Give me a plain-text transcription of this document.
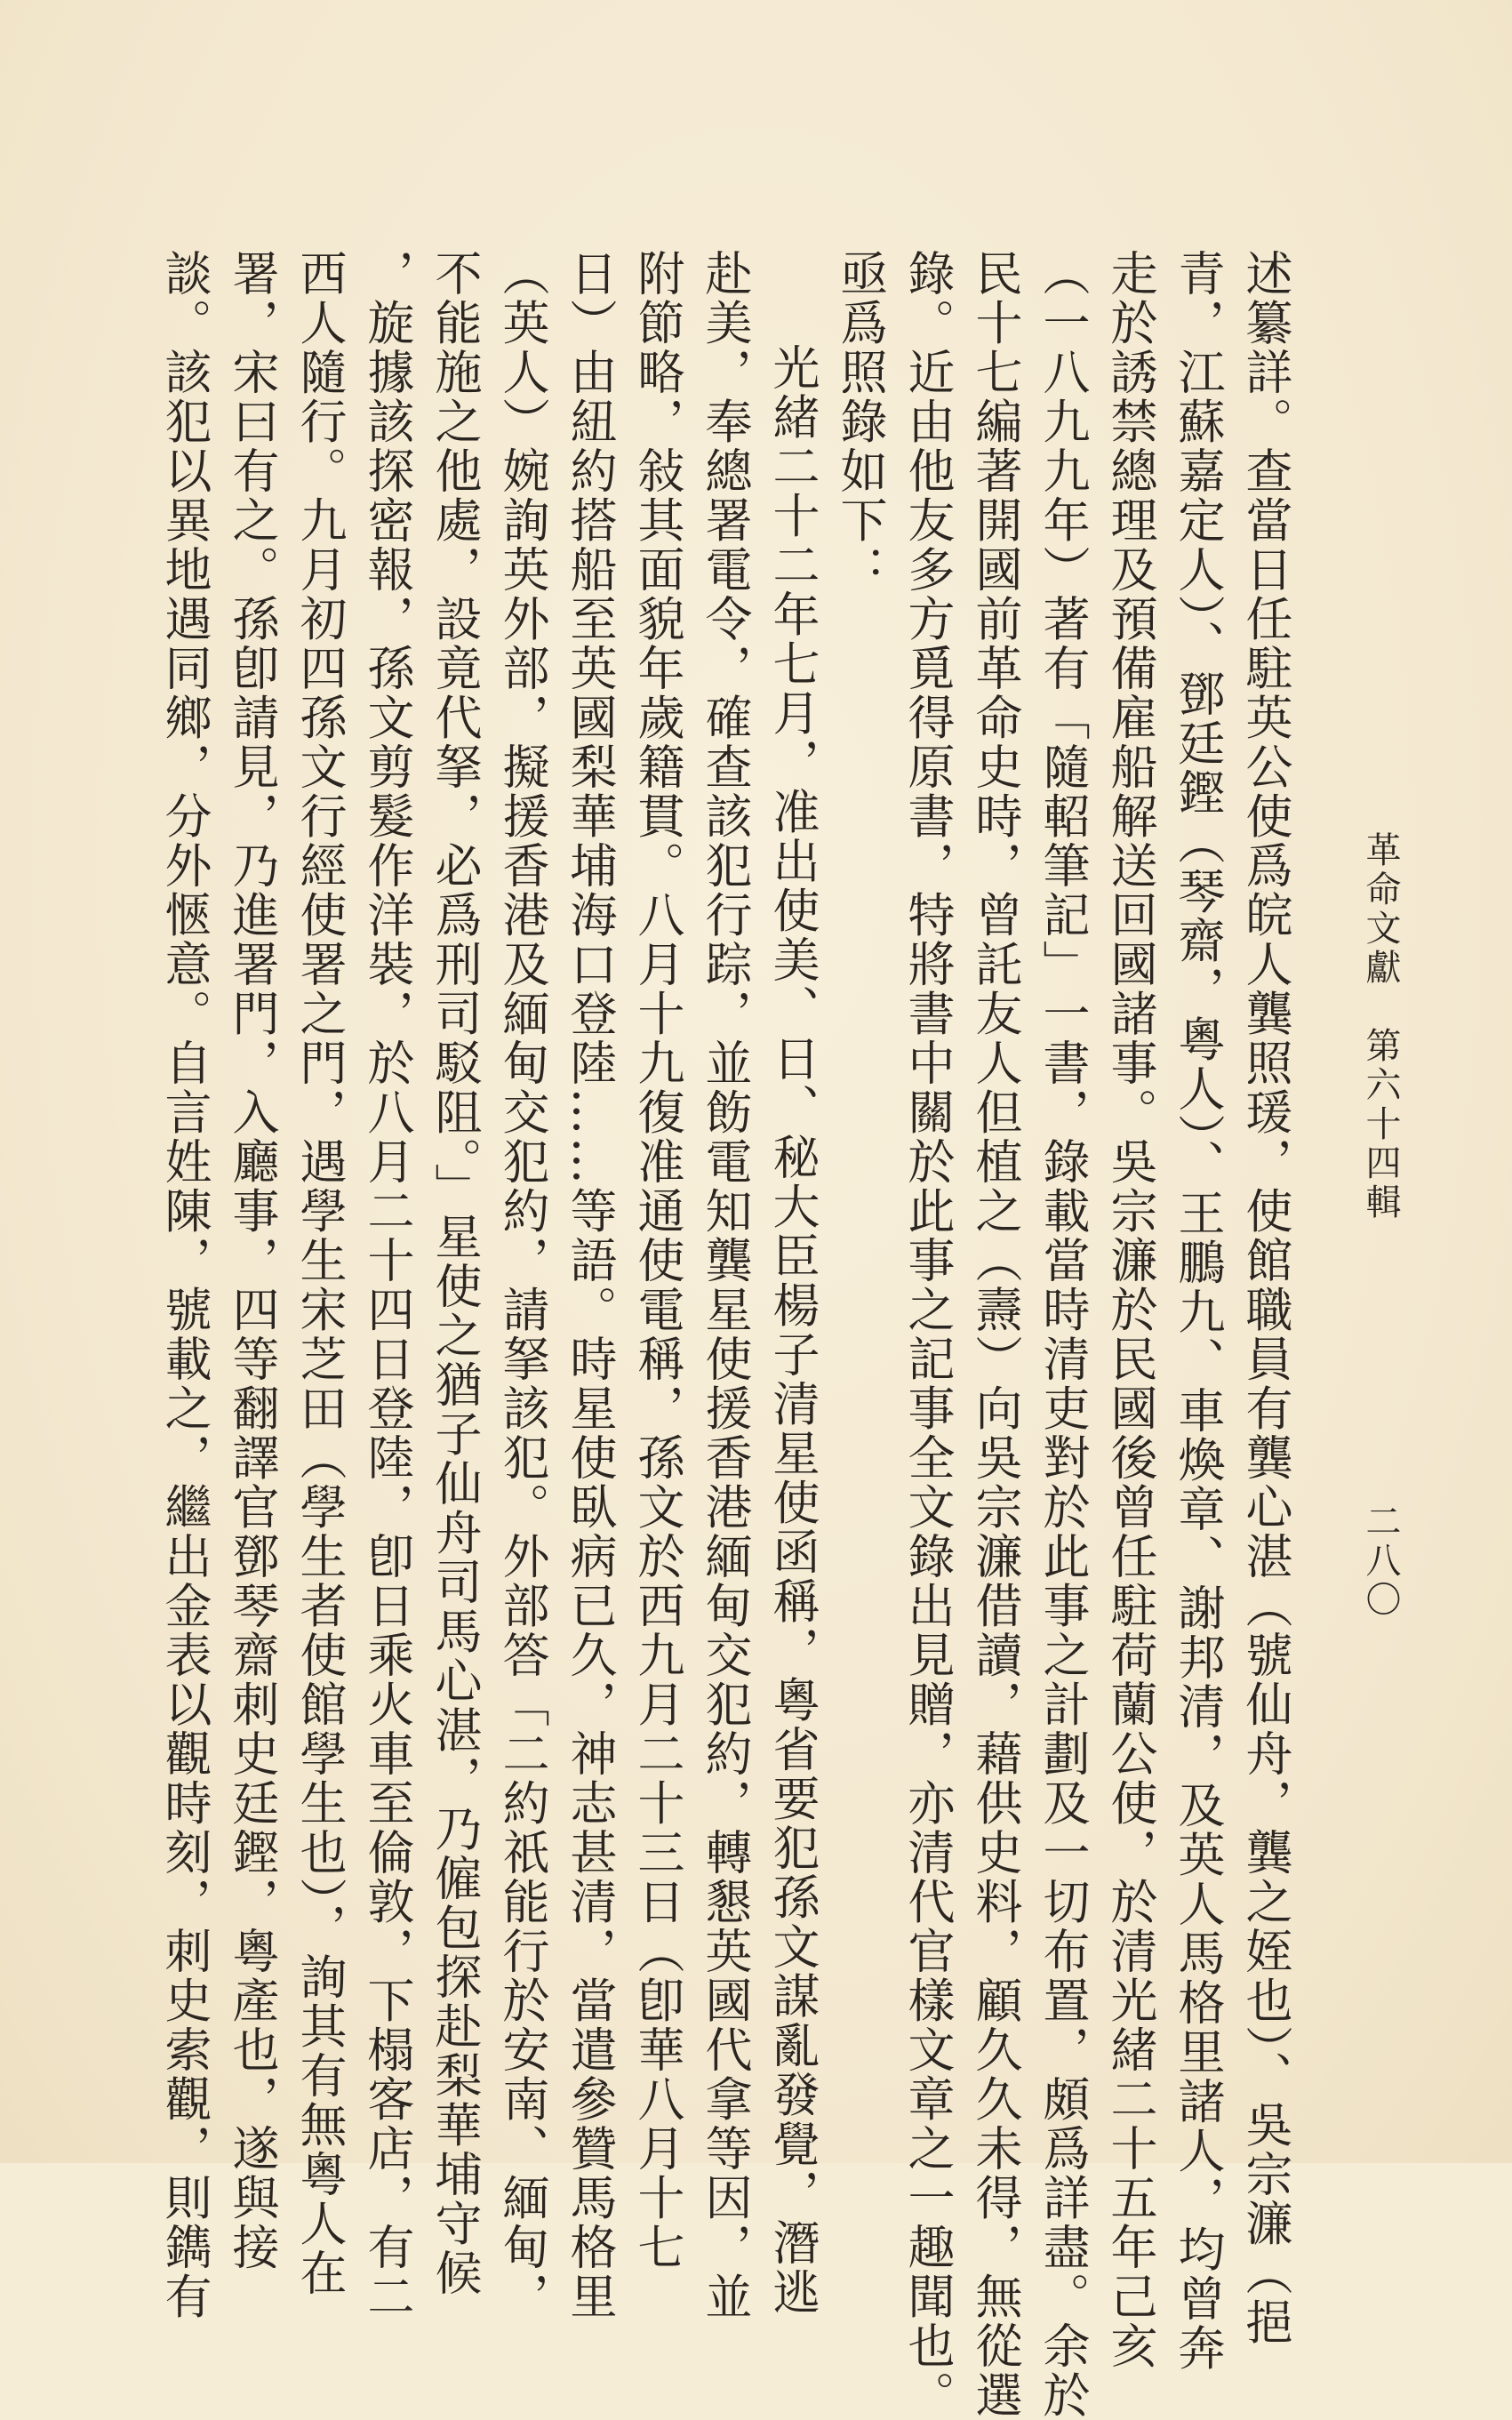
革命文獻　第六十四輯
二八〇
述纂詳。查當日任駐英公使爲皖人龔照瑗，使館職員有龔心湛（號仙舟，龔之姪也）、吳宗濂（挹
青，江蘇嘉定人）、鄧廷鏗（琴齋，粵人）、王鵬九、車煥章、謝邦清，及英人馬格里諸人，均曾奔
走於誘禁總理及預備雇船解送回國諸事。吳宗濂於民國後曾任駐荷蘭公使，於清光緒二十五年己亥
（一八九九年）著有「隨軺筆記」一書，錄載當時清吏對於此事之計劃及一切布置，頗爲詳盡。余於
民十七編著開國前革命史時，曾託友人但植之（燾）向吳宗濂借讀，藉供史料，顧久久未得，無從選
錄。近由他友多方覓得原書，特將書中關於此事之記事全文錄出見贈，亦清代官樣文章之一趣聞也。
亟爲照錄如下：
光緒二十二年七月，准出使美、日、秘大臣楊子清星使函稱，粵省要犯孫文謀亂發覺，潛逃
赴美，奉總署電令，確查該犯行踪，並飭電知龔星使援香港緬甸交犯約，轉懇英國代拿等因，並
附節略，敍其面貌年歲籍貫。八月十九復准通使電稱，孫文於西九月二十三日（卽華八月十七
日）由紐約搭船至英國梨華埔海口登陸……等語。時星使臥病已久，神志甚清，當遣參贊馬格里
（英人）婉詢英外部，擬援香港及緬甸交犯約，請拏該犯。外部答「二約祇能行於安南、緬甸，
不能施之他處，設竟代拏，必爲刑司駁阻。」星使之猶子仙舟司馬心湛，乃僱包探赴梨華埔守候
，旋據該探密報，孫文剪髮作洋裝，於八月二十四日登陸，卽日乘火車至倫敦，下榻客店，有二
西人隨行。九月初四孫文行經使署之門，遇學生宋芝田（學生者使館學生也），詢其有無粵人在
署，宋曰有之。孫卽請見，乃進署門，入廳事，四等翻譯官鄧琴齋刺史廷鏗，粵產也，遂與接
談。該犯以異地遇同鄉，分外愜意。自言姓陳，號載之，繼出金表以觀時刻，刺史索觀，則鐫有
